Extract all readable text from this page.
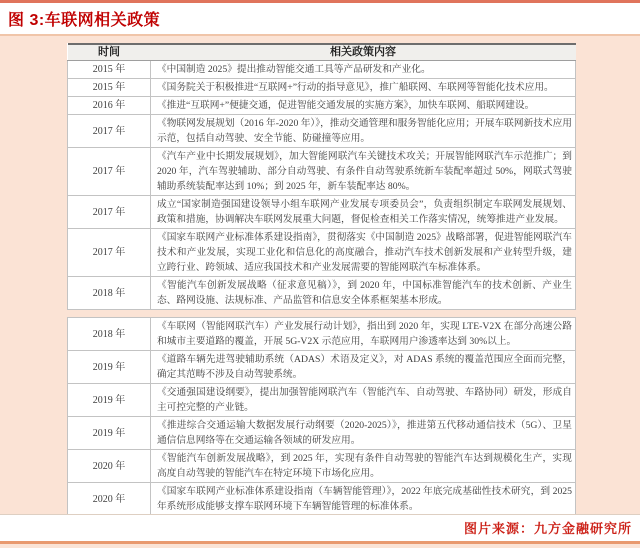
图 3:车联网相关政策
时间	相关政策内容
2015 年	《中国制造 2025》提出推动智能交通工具等产品研发和产业化。
2015 年	《国务院关于积极推进“互联网+”行动的指导意见》，推广船联网、车联网等智能化技术应用。
2016 年	《推进“互联网+”便捷交通，促进智能交通发展的实施方案》，加快车联网、船联网建设。
2017 年	《物联网发展规划（2016 年-2020 年）》，推动交通管理和服务智能化应用；开展车联网新技术应用示范，包括自动驾驶、安全节能、防碰撞等应用。
2017 年	《汽车产业中长期发展规划》，加大智能网联汽车关键技术攻关；开展智能网联汽车示范推广；到 2020 年，汽车驾驶辅助、部分自动驾驶、有条件自动驾驶系统新车装配率超过 50%，网联式驾驶辅助系统装配率达到 10%；到 2025 年，新车装配率达 80%。
2017 年	成立“国家制造强国建设领导小组车联网产业发展专项委员会”，负责组织制定车联网发展规划、政策和措施，协调解决车联网发展重大问题，督促检查相关工作落实情况，统筹推进产业发展。
2017 年	《国家车联网产业标准体系建设指南》，贯彻落实《中国制造 2025》战略部署，促进智能网联汽车技术和产业发展，实现工业化和信息化的高度融合，推动汽车技术创新发展和产业转型升级，建立跨行业、跨领域、适应我国技术和产业发展需要的智能网联汽车标准体系。
2018 年	《智能汽车创新发展战略（征求意见稿）》，到 2020 年，中国标准智能汽车的技术创新、产业生态、路网设施、法规标准、产品监管和信息安全体系框架基本形成。
2018 年	《车联网（智能网联汽车）产业发展行动计划》，指出到 2020 年，实现 LTE-V2X 在部分高速公路和城市主要道路的覆盖，开展 5G-V2X 示范应用，车联网用户渗透率达到 30%以上。
2019 年	《道路车辆先进驾驶辅助系统（ADAS）术语及定义》，对 ADAS 系统的覆盖范围应全面而完整，确定其范畴不涉及自动驾驶系统。
2019 年	《交通强国建设纲要》，提出加强智能网联汽车（智能汽车、自动驾驶、车路协同）研发，形成自主可控完整的产业链。
2019 年	《推进综合交通运输大数据发展行动纲要（2020-2025）》，推进第五代移动通信技术（5G）、卫星通信信息网络等在交通运输各领域的研发应用。
2020 年	《智能汽车创新发展战略》，到 2025 年，实现有条件自动驾驶的智能汽车达到规模化生产，实现高度自动驾驶的智能汽车在特定环境下市场化应用。
2020 年	《国家车联网产业标准体系建设指南（车辆智能管理）》，2022 年底完成基础性技术研究，到 2025 年系统形成能够支撑车联网环境下车辆智能管理的标准体系。
图片来源：九方金融研究所
